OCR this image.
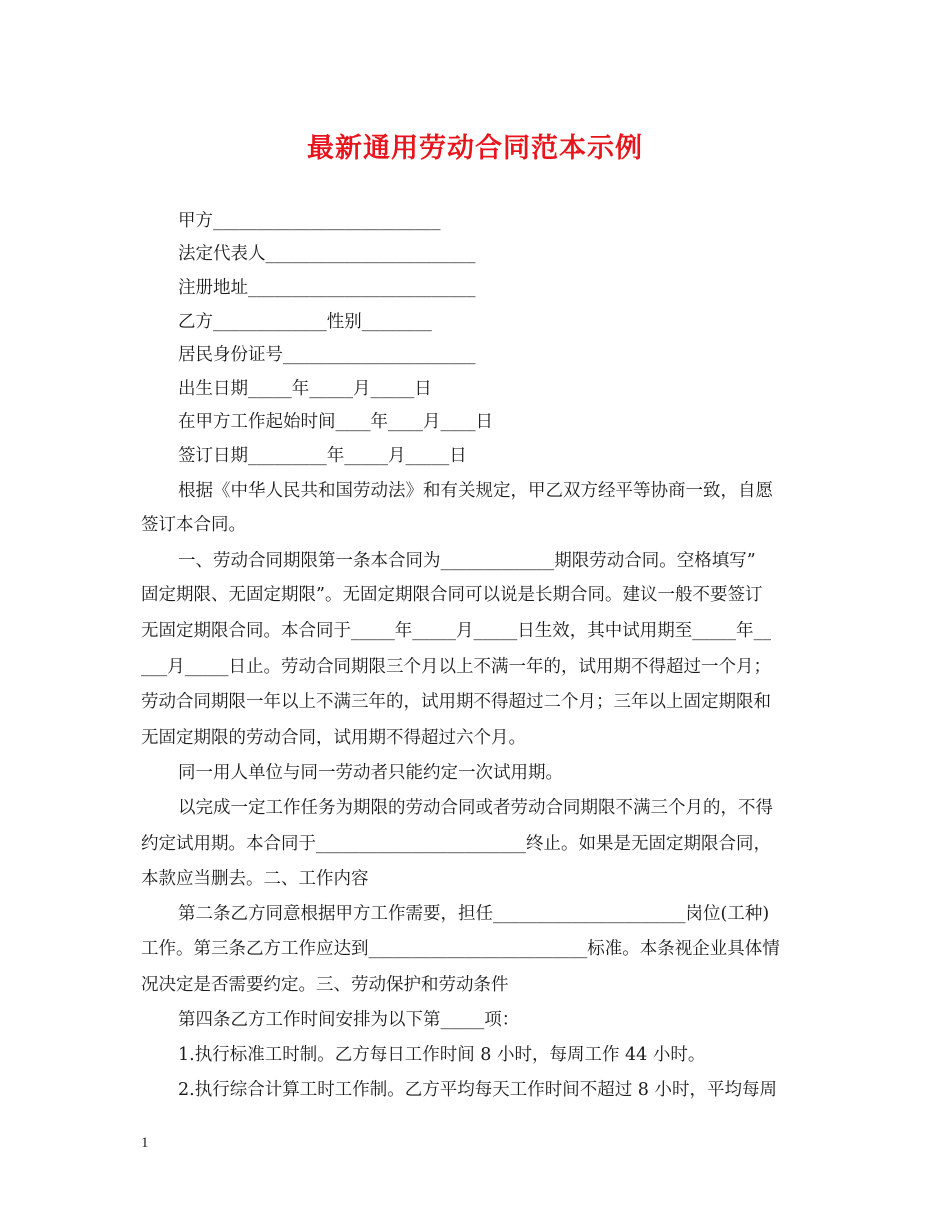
最新通用劳动合同范本示例
甲方__________________________
法定代表人________________________
注册地址__________________________
乙方_____________性别________
居民身份证号______________________
出生日期_____年_____月_____日
在甲方工作起始时间____年____月____日
签订日期_________年_____月_____日
根据《中华人民共和国劳动法》和有关规定，甲乙双方经平等协商一致，自愿
签订本合同。
一、劳动合同期限第一条本合同为_____________期限劳动合同。空格填写”
固定期限、无固定期限”。无固定期限合同可以说是长期合同。建议一般不要签订
无固定期限合同。本合同于_____年_____月_____日生效，其中试用期至_____年__
___月_____日止。劳动合同期限三个月以上不满一年的，试用期不得超过一个月；
劳动合同期限一年以上不满三年的，试用期不得超过二个月；三年以上固定期限和
无固定期限的劳动合同，试用期不得超过六个月。
同一用人单位与同一劳动者只能约定一次试用期。
以完成一定工作任务为期限的劳动合同或者劳动合同期限不满三个月的，不得
约定试用期。本合同于________________________终止。如果是无固定期限合同，
本款应当删去。二、工作内容
第二条乙方同意根据甲方工作需要，担任______________________岗位(工种)
工作。第三条乙方工作应达到_________________________标准。本条视企业具体情
况决定是否需要约定。三、劳动保护和劳动条件
第四条乙方工作时间安排为以下第_____项：
1.执行标准工时制。乙方每日工作时间 8 小时，每周工作 44 小时。
2.执行综合计算工时工作制。乙方平均每天工作时间不超过 8 小时，平均每周
1
